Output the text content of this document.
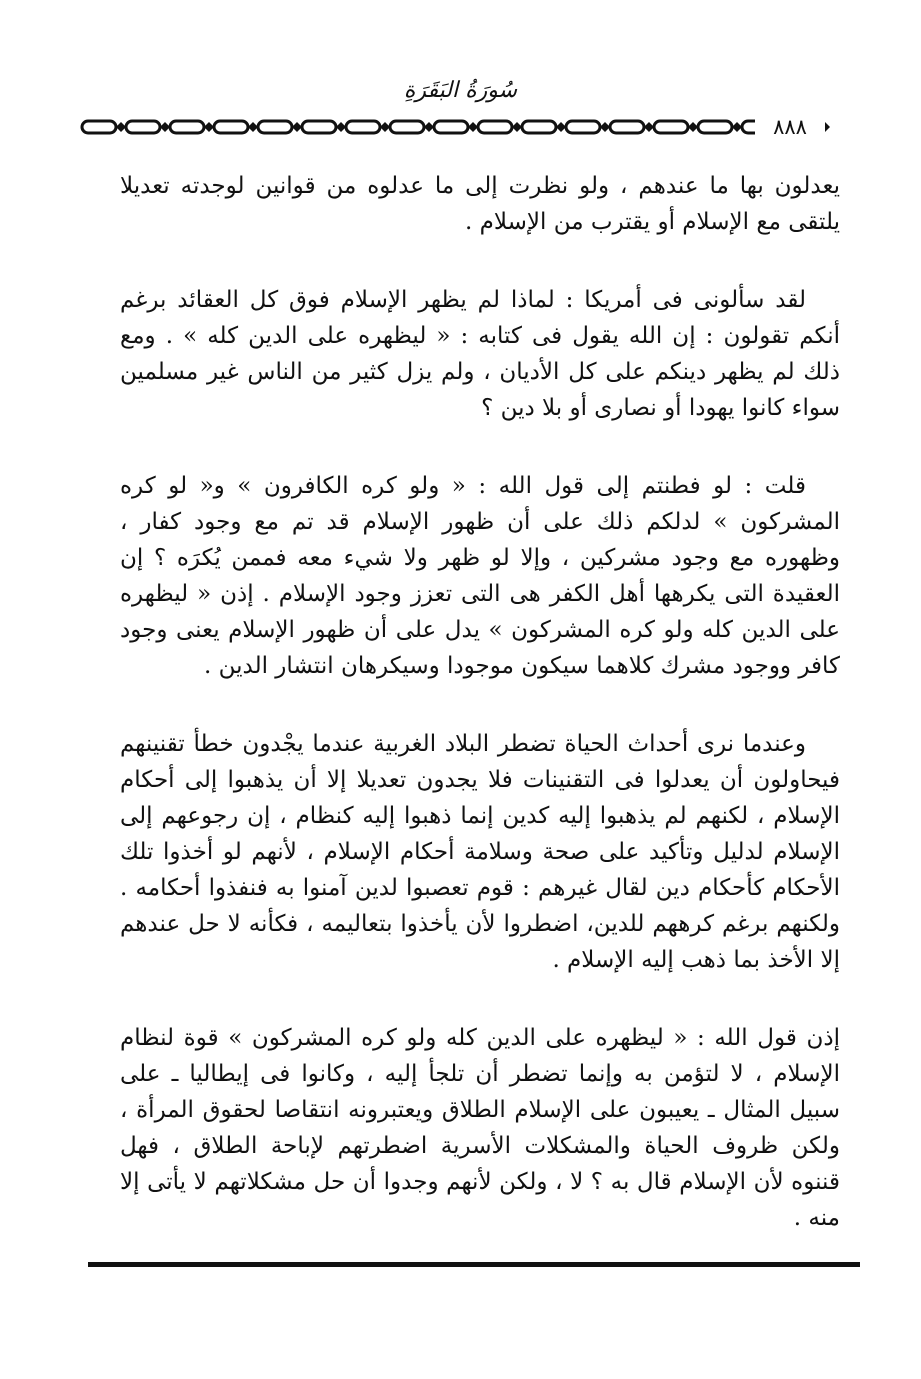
سُورَةُ البَقَرَةِ
٨٨٨

يعدلون بها ما عندهم ، ولو نظرت إلى ما عدلوه من قوانين لوجدته تعديلا يلتقى مع الإسلام أو يقترب من الإسلام .

لقد سألونى فى أمريكا : لماذا لم يظهر الإسلام فوق كل العقائد برغم أنكم تقولون : إن الله يقول فى كتابه : « ليظهره على الدين كله » . ومع ذلك لم يظهر دينكم على كل الأديان ، ولم يزل كثير من الناس غير مسلمين سواء كانوا يهودا أو نصارى أو بلا دين ؟

قلت : لو فطنتم إلى قول الله : « ولو كره الكافرون » و« لو كره المشركون » لدلكم ذلك على أن ظهور الإسلام قد تم مع وجود كفار ، وظهوره مع وجود مشركين ، وإلا لو ظهر ولا شيء معه فممن يُكرَه ؟ إن العقيدة التى يكرهها أهل الكفر هى التى تعزز وجود الإسلام . إذن « ليظهره على الدين كله ولو كره المشركون » يدل على أن ظهور الإسلام يعنى وجود كافر ووجود مشرك كلاهما سيكون موجودا وسيكرهان انتشار الدين .

وعندما نرى أحداث الحياة تضطر البلاد الغربية عندما يجْدون خطأ تقنينهم فيحاولون أن يعدلوا فى التقنينات فلا يجدون تعديلا إلا أن يذهبوا إلى أحكام الإسلام ، لكنهم لم يذهبوا إليه كدين إنما ذهبوا إليه كنظام ، إن رجوعهم إلى الإسلام لدليل وتأكيد على صحة وسلامة أحكام الإسلام ، لأنهم لو أخذوا تلك الأحكام كأحكام دين لقال غيرهم : قوم تعصبوا لدين آمنوا به فنفذوا أحكامه . ولكنهم برغم كرههم للدين، اضطروا لأن يأخذوا بتعاليمه ، فكأنه لا حل عندهم إلا الأخذ بما ذهب إليه الإسلام .

إذن قول الله : « ليظهره على الدين كله ولو كره المشركون » قوة لنظام الإسلام ، لا لتؤمن به وإنما تضطر أن تلجأ إليه ، وكانوا فى إيطاليا ـ على سبيل المثال ـ يعيبون على الإسلام الطلاق ويعتبرونه انتقاصا لحقوق المرأة ، ولكن ظروف الحياة والمشكلات الأسرية اضطرتهم لإباحة الطلاق ، فهل قننوه لأن الإسلام قال به ؟ لا ، ولكن لأنهم وجدوا أن حل مشكلاتهم لا يأتى إلا منه .
